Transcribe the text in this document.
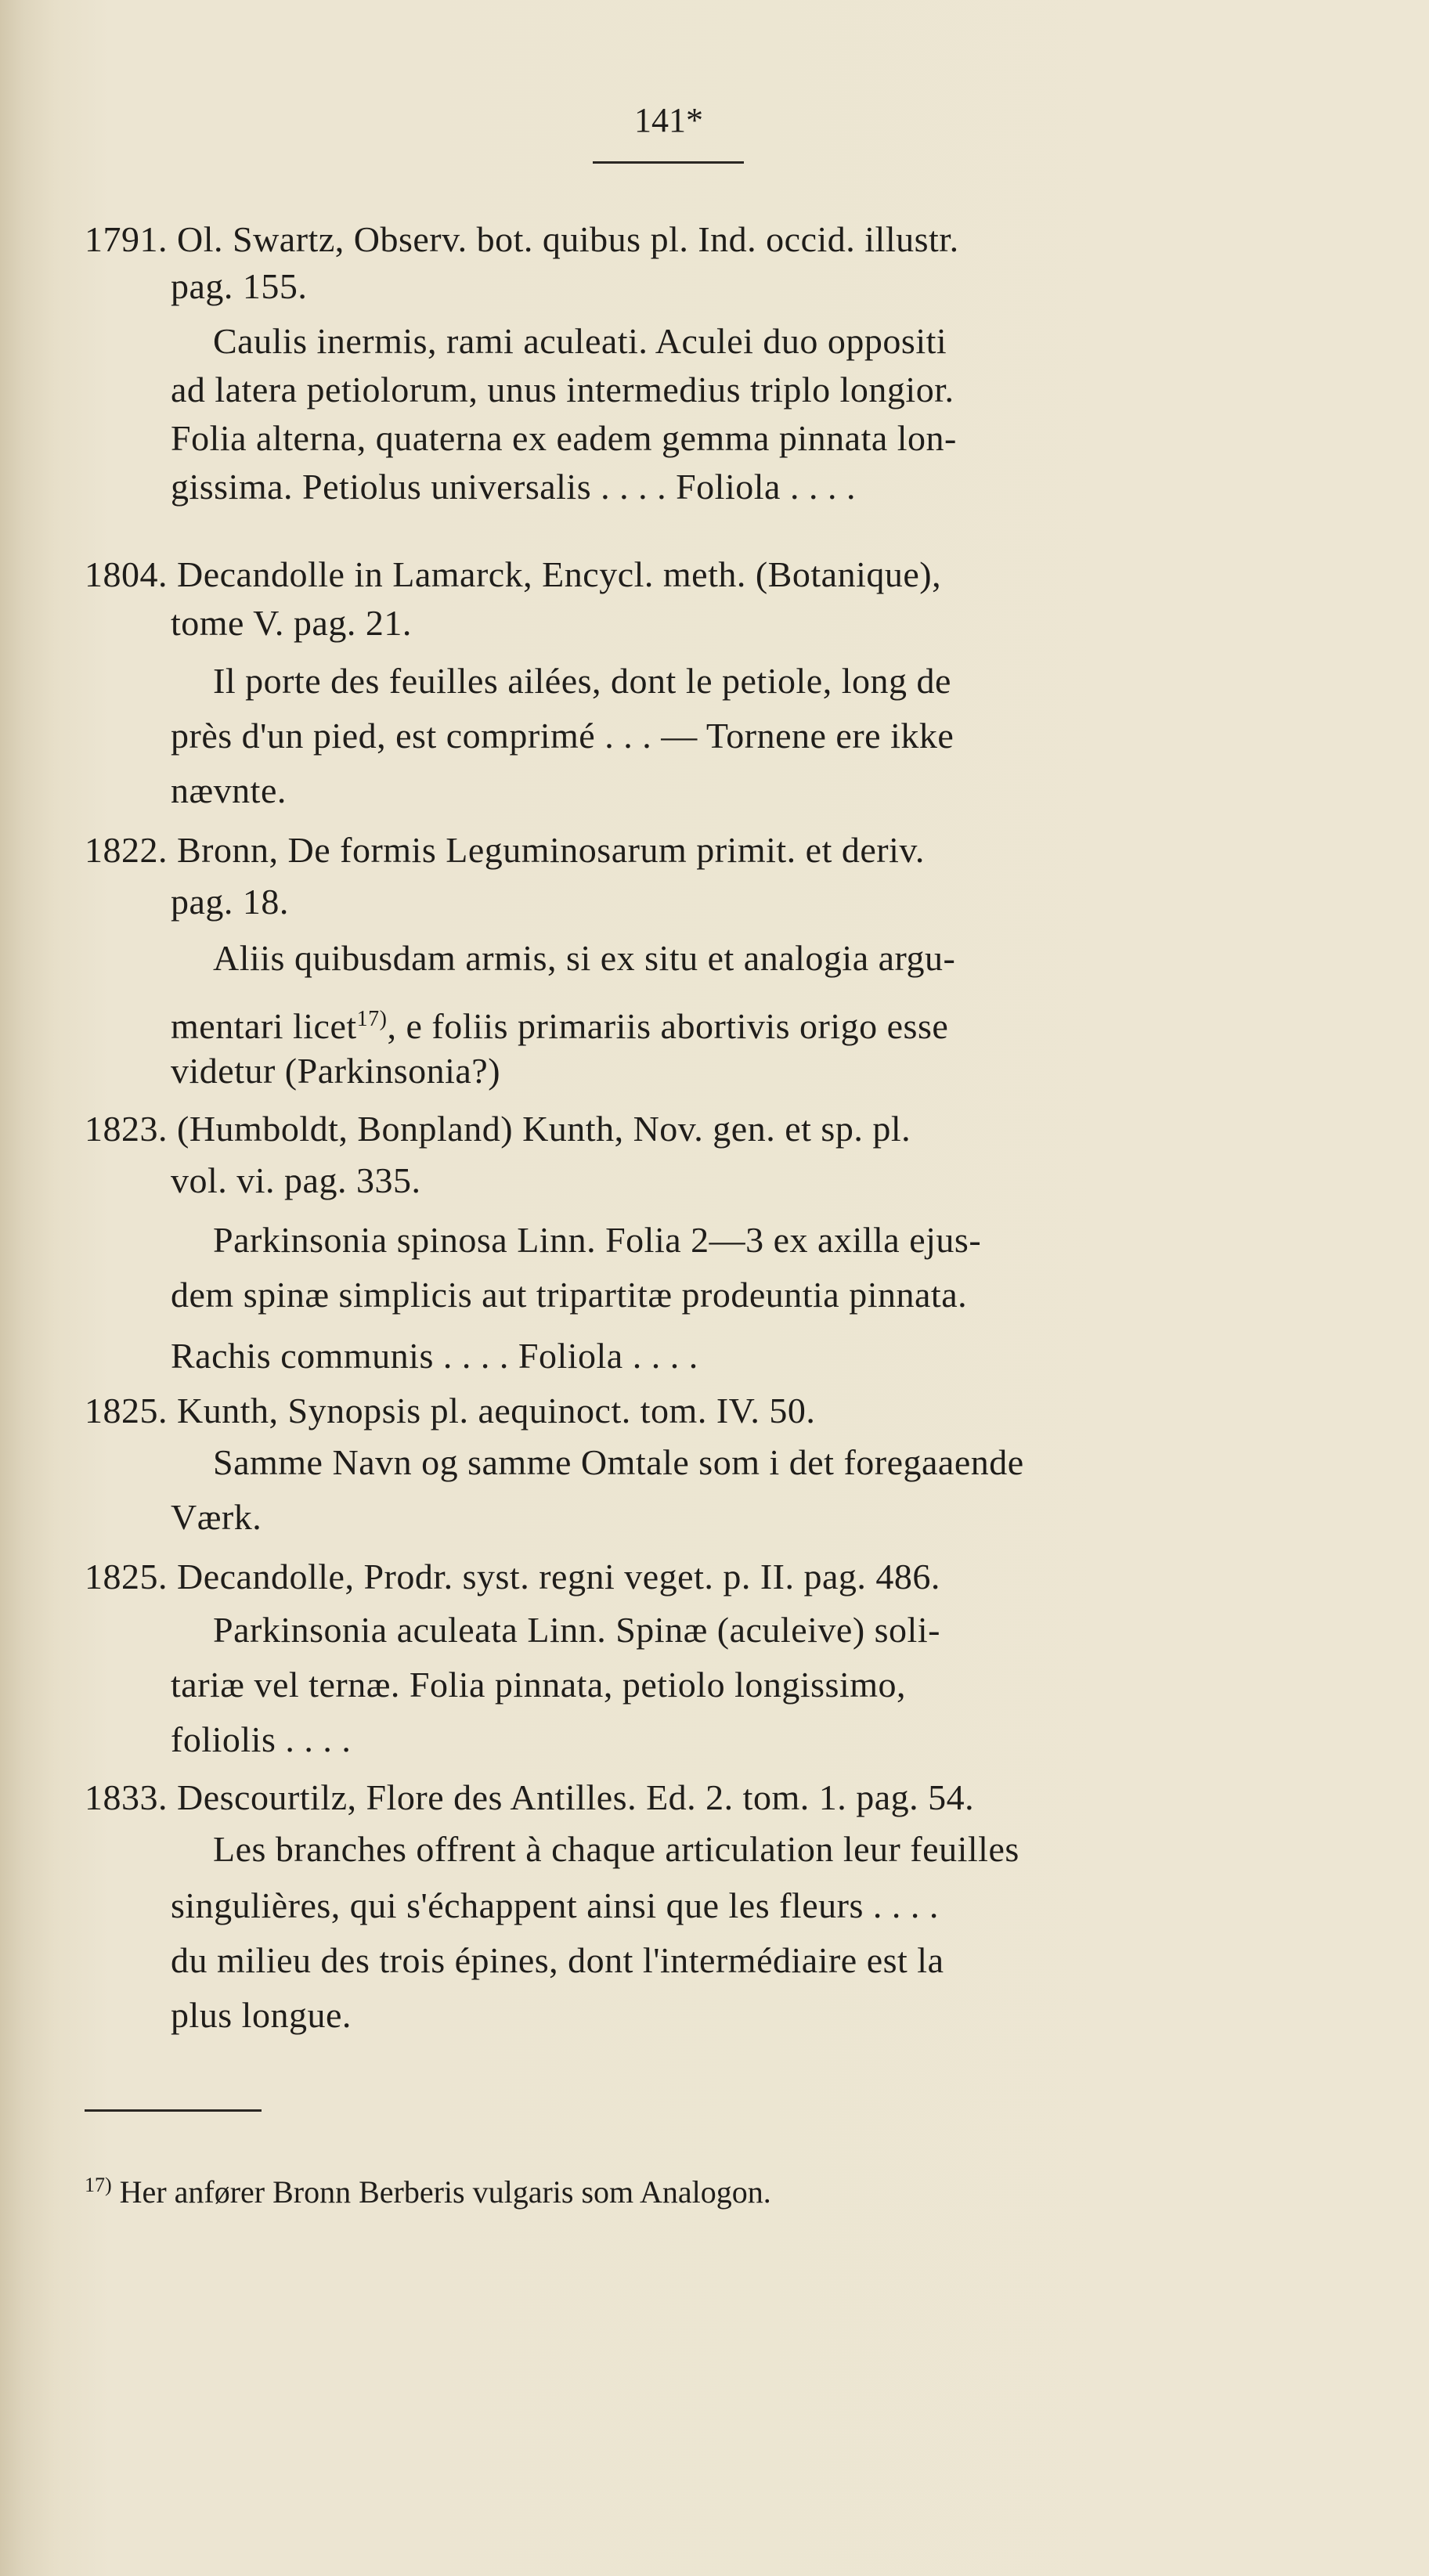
141*
1791. Ol. Swartz, Observ. bot. quibus pl. Ind. occid. illustr.
pag. 155.
Caulis inermis, rami aculeati. Aculei duo oppositi
ad latera petiolorum, unus intermedius triplo longior.
Folia alterna, quaterna ex eadem gemma pinnata lon-
gissima. Petiolus universalis . . . . Foliola . . . .
1804. Decandolle in Lamarck, Encycl. meth. (Botanique),
tome V. pag. 21.
Il porte des feuilles ailées, dont le petiole, long de
près d'un pied, est comprimé . . . — Tornene ere ikke
nævnte.
1822. Bronn, De formis Leguminosarum primit. et deriv.
pag. 18.
Aliis quibusdam armis, si ex situ et analogia argu-
mentari licet$^{17)}$, e foliis primariis abortivis origo esse
videtur (Parkinsonia?)
1823. (Humboldt, Bonpland) Kunth, Nov. gen. et sp. pl.
vol. vi. pag. 335.
Parkinsonia spinosa Linn. Folia 2—3 ex axilla ejus-
dem spinæ simplicis aut tripartitæ prodeuntia pinnata.
Rachis communis . . . . Foliola . . . .
1825. Kunth, Synopsis pl. aequinoct. tom. IV. 50.
Samme Navn og samme Omtale som i det foregaaende
Værk.
1825. Decandolle, Prodr. syst. regni veget. p. II. pag. 486.
Parkinsonia aculeata Linn. Spinæ (aculeive) soli-
tariæ vel ternæ. Folia pinnata, petiolo longissimo,
foliolis . . . .
1833. Descourtilz, Flore des Antilles. Ed. 2. tom. 1. pag. 54.
Les branches offrent à chaque articulation leur feuilles
singulières, qui s'échappent ainsi que les fleurs . . . .
du milieu des trois épines, dont l'intermédiaire est la
plus longue.
$^{17)}$ Her anfører Bronn Berberis vulgaris som Analogon.
